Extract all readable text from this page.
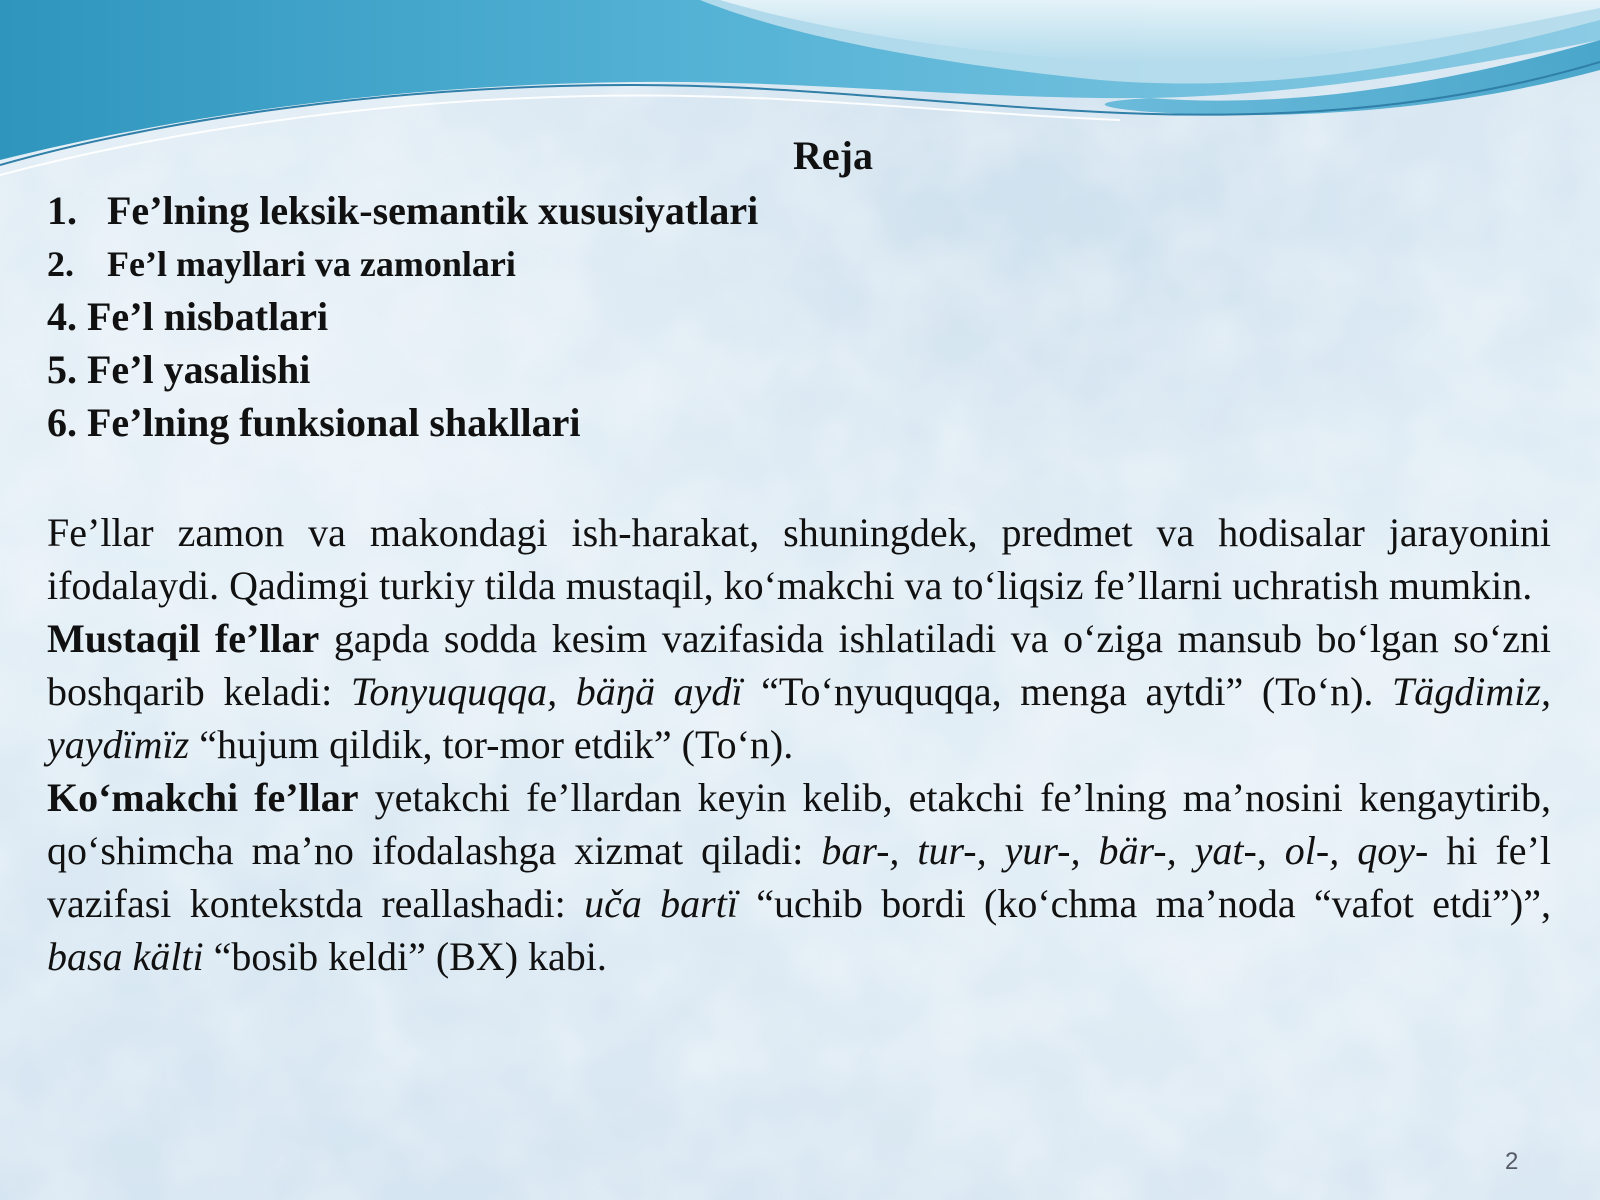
Reja
1. Fe’lning leksik-semantik xususiyatlari
2. Fe’l mayllari va zamonlari
4. Fe’l nisbatlari
5. Fe’l yasalishi
6. Fe’lning funksional shakllari

Fe’llar zamon va makondagi ish-harakat, shuningdek, predmet va hodisalar jarayonini ifodalaydi. Qadimgi turkiy tilda mustaqil, ko‘makchi va to‘liqsiz fe’llarni uchratish mumkin.

Mustaqil fe’llar gapda sodda kesim vazifasida ishlatiladi va o‘ziga mansub bo‘lgan so‘zni boshqarib keladi: Tonyuquqqa, bäŋä aydï “To‘nyuquqqa, menga aytdi” (To‘n). Tägdimiz, yaydïmïz “hujum qildik, tor-mor etdik” (To‘n).

Ko‘makchi fe’llar yetakchi fe’llardan keyin kelib, etakchi fe’lning ma’nosini kengaytirib, qo‘shimcha ma’no ifodalashga xizmat qiladi: bar-, tur-, yur-, bär-, yat-, ol-, qoy- hi fe’l vazifasi kontekstda reallashadi: uča bartï “uchib bordi (ko‘chma ma’noda “vafot etdi”)”, basa kälti “bosib keldi” (BX) kabi.

2
